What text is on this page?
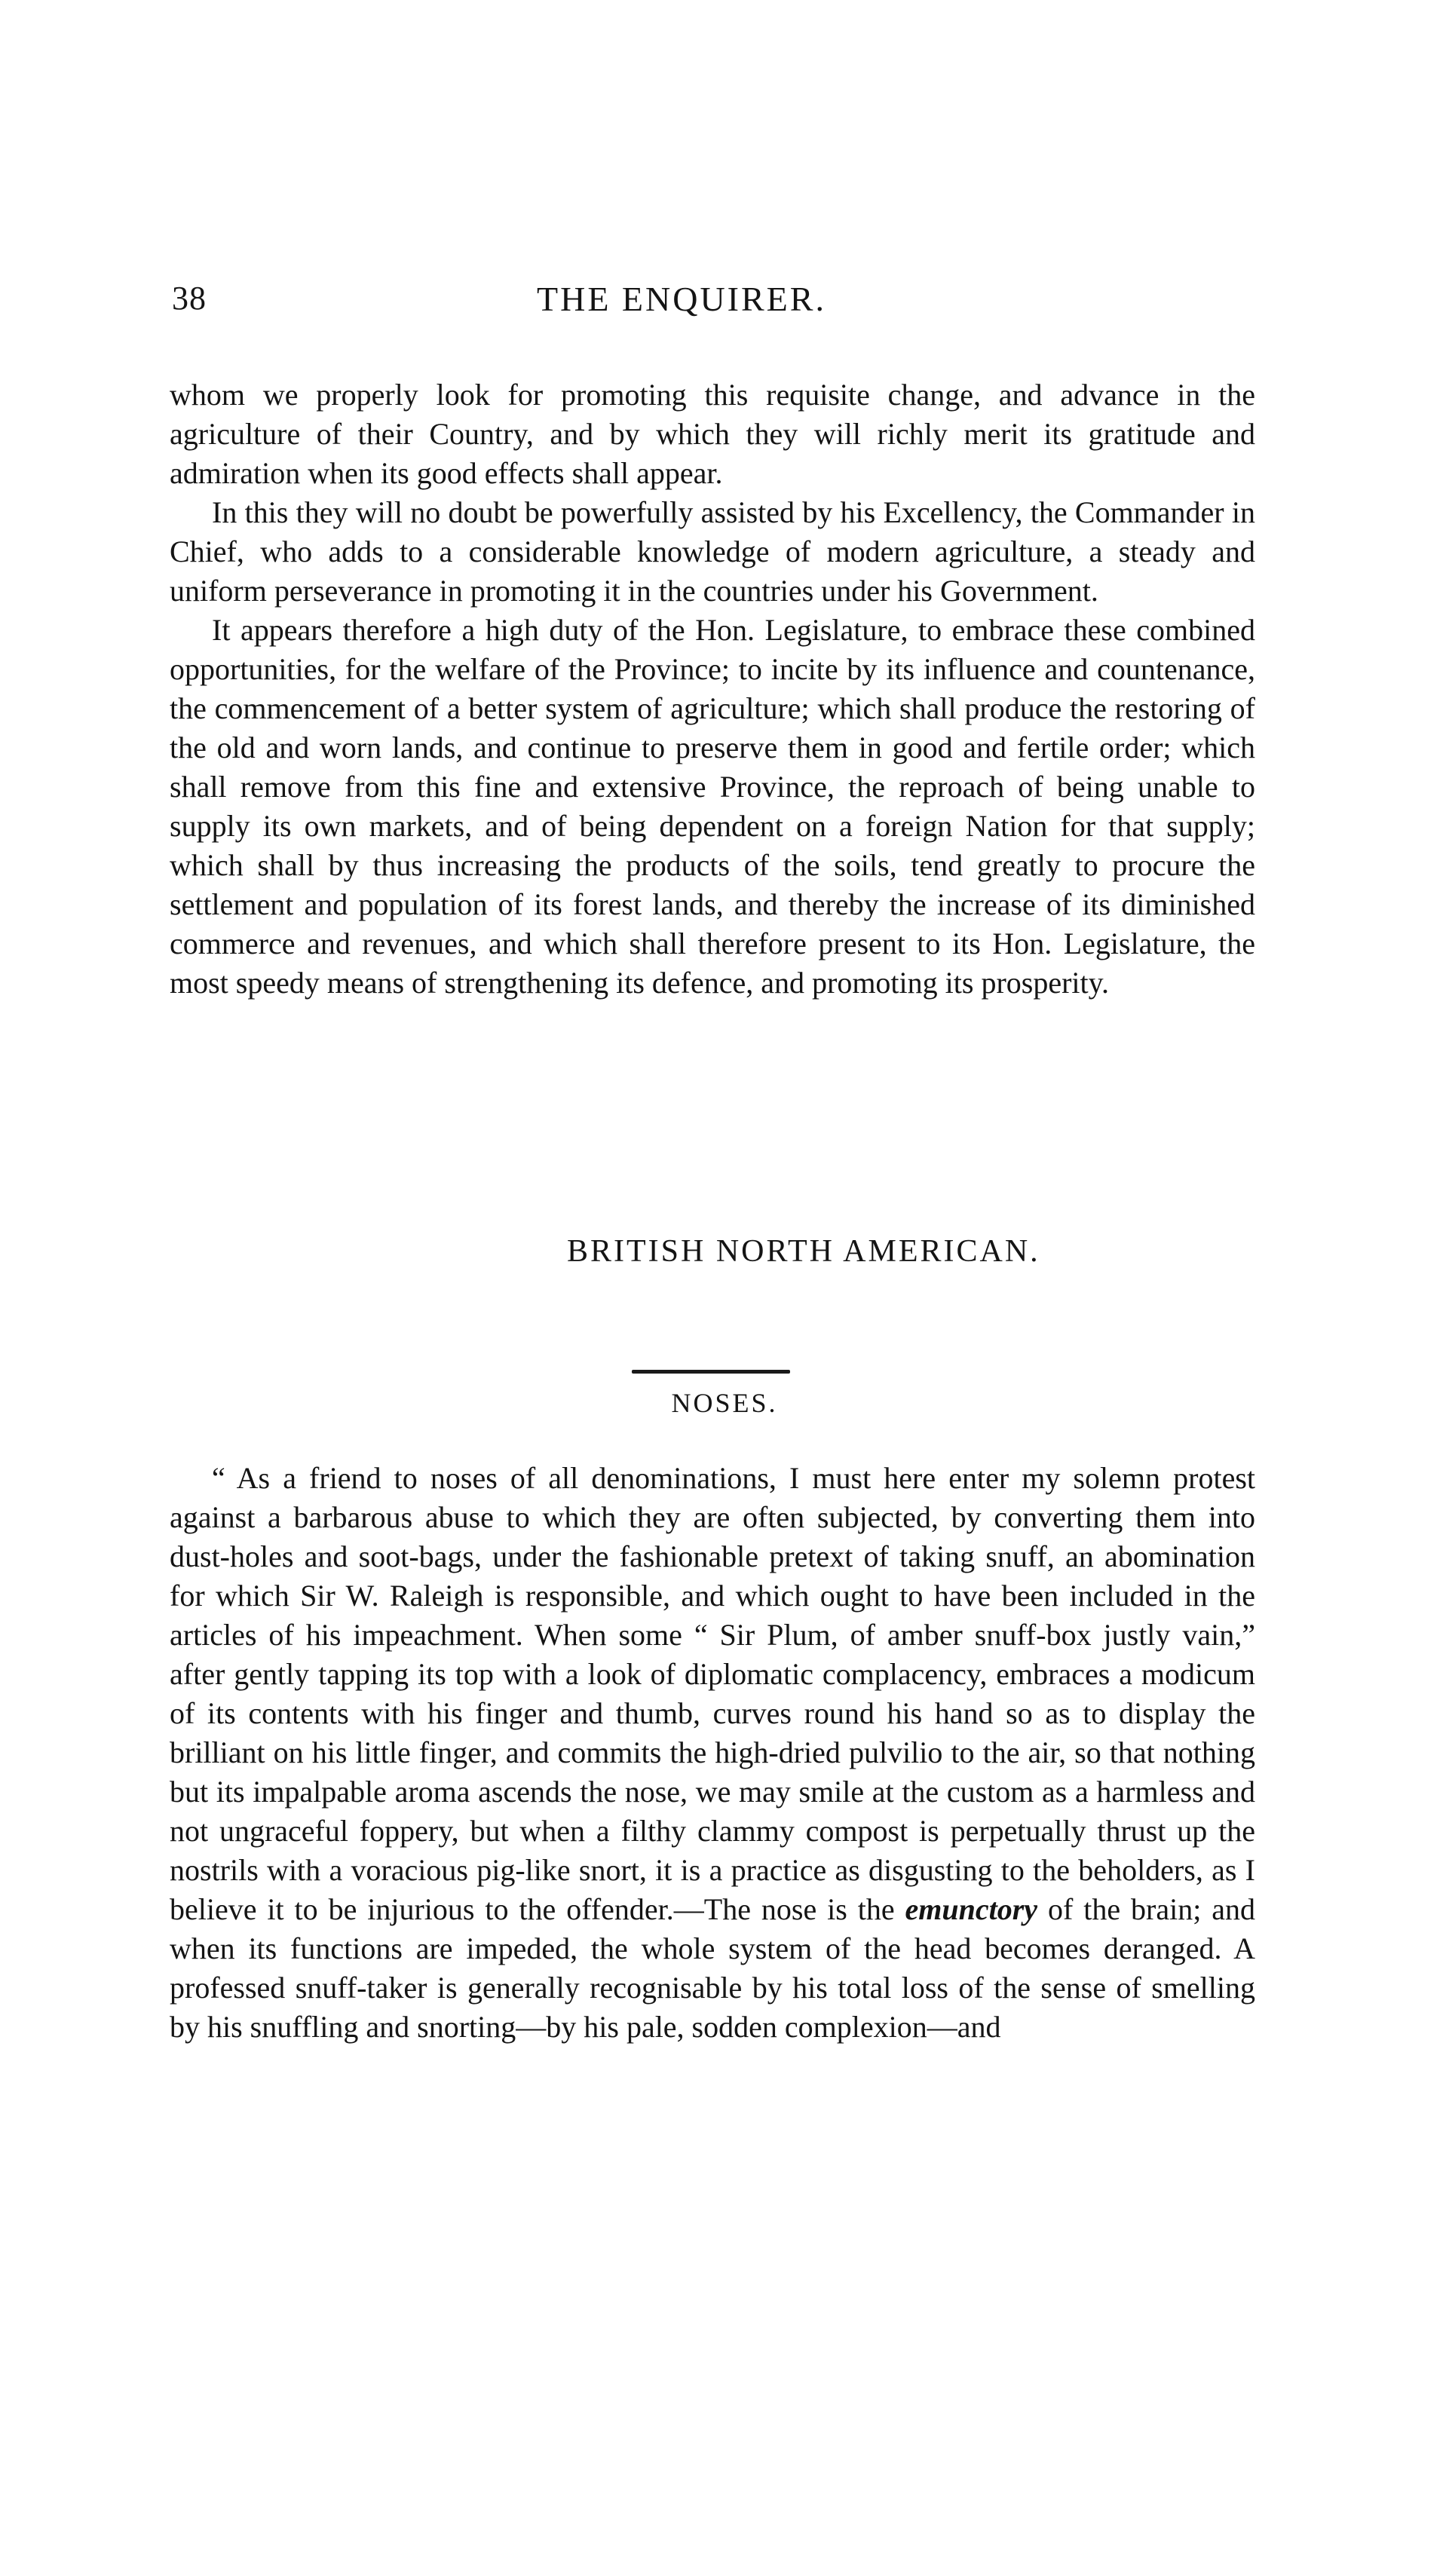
38	THE ENQUIRER.

whom we properly look for promoting this requisite change, and advance in the agriculture of their Country, and by which they will richly merit its gratitude and admiration when its good effects shall appear.

In this they will no doubt be powerfully assisted by his Excellency, the Commander in Chief, who adds to a considerable knowledge of modern agriculture, a steady and uniform perseverance in promoting it in the countries under his Government.

It appears therefore a high duty of the Hon. Legislature, to embrace these combined opportunities, for the welfare of the Province; to incite by its influence and countenance, the commencement of a better system of agriculture; which shall produce the restoring of the old and worn lands, and continue to preserve them in good and fertile order; which shall remove from this fine and extensive Province, the reproach of being unable to supply its own markets, and of being dependent on a foreign Nation for that supply; which shall by thus increasing the products of the soils, tend greatly to procure the settlement and population of its forest lands, and thereby the increase of its diminished commerce and revenues, and which shall therefore present to its Hon. Legislature, the most speedy means of strengthening its defence, and promoting its prosperity.

BRITISH NORTH AMERICAN.
NOSES.

“ As a friend to noses of all denominations, I must here enter my solemn protest against a barbarous abuse to which they are often subjected, by converting them into dust-holes and soot-bags, under the fashionable pretext of taking snuff, an abomination for which Sir W. Raleigh is responsible, and which ought to have been included in the articles of his impeachment. When some “ Sir Plum, of amber snuff-box justly vain,” after gently tapping its top with a look of diplomatic complacency, embraces a modicum of its contents with his finger and thumb, curves round his hand so as to display the brilliant on his little finger, and commits the high-dried pulvilio to the air, so that nothing but its impalpable aroma ascends the nose, we may smile at the custom as a harmless and not ungraceful foppery, but when a filthy clammy compost is perpetually thrust up the nostrils with a voracious pig-like snort, it is a practice as disgusting to the beholders, as I believe it to be injurious to the offender.—The nose is the emunctory of the brain; and when its functions are impeded, the whole system of the head becomes deranged. A professed snuff-taker is generally recognisable by his total loss of the sense of smelling by his snuffling and snorting—by his pale, sodden complexion—and
